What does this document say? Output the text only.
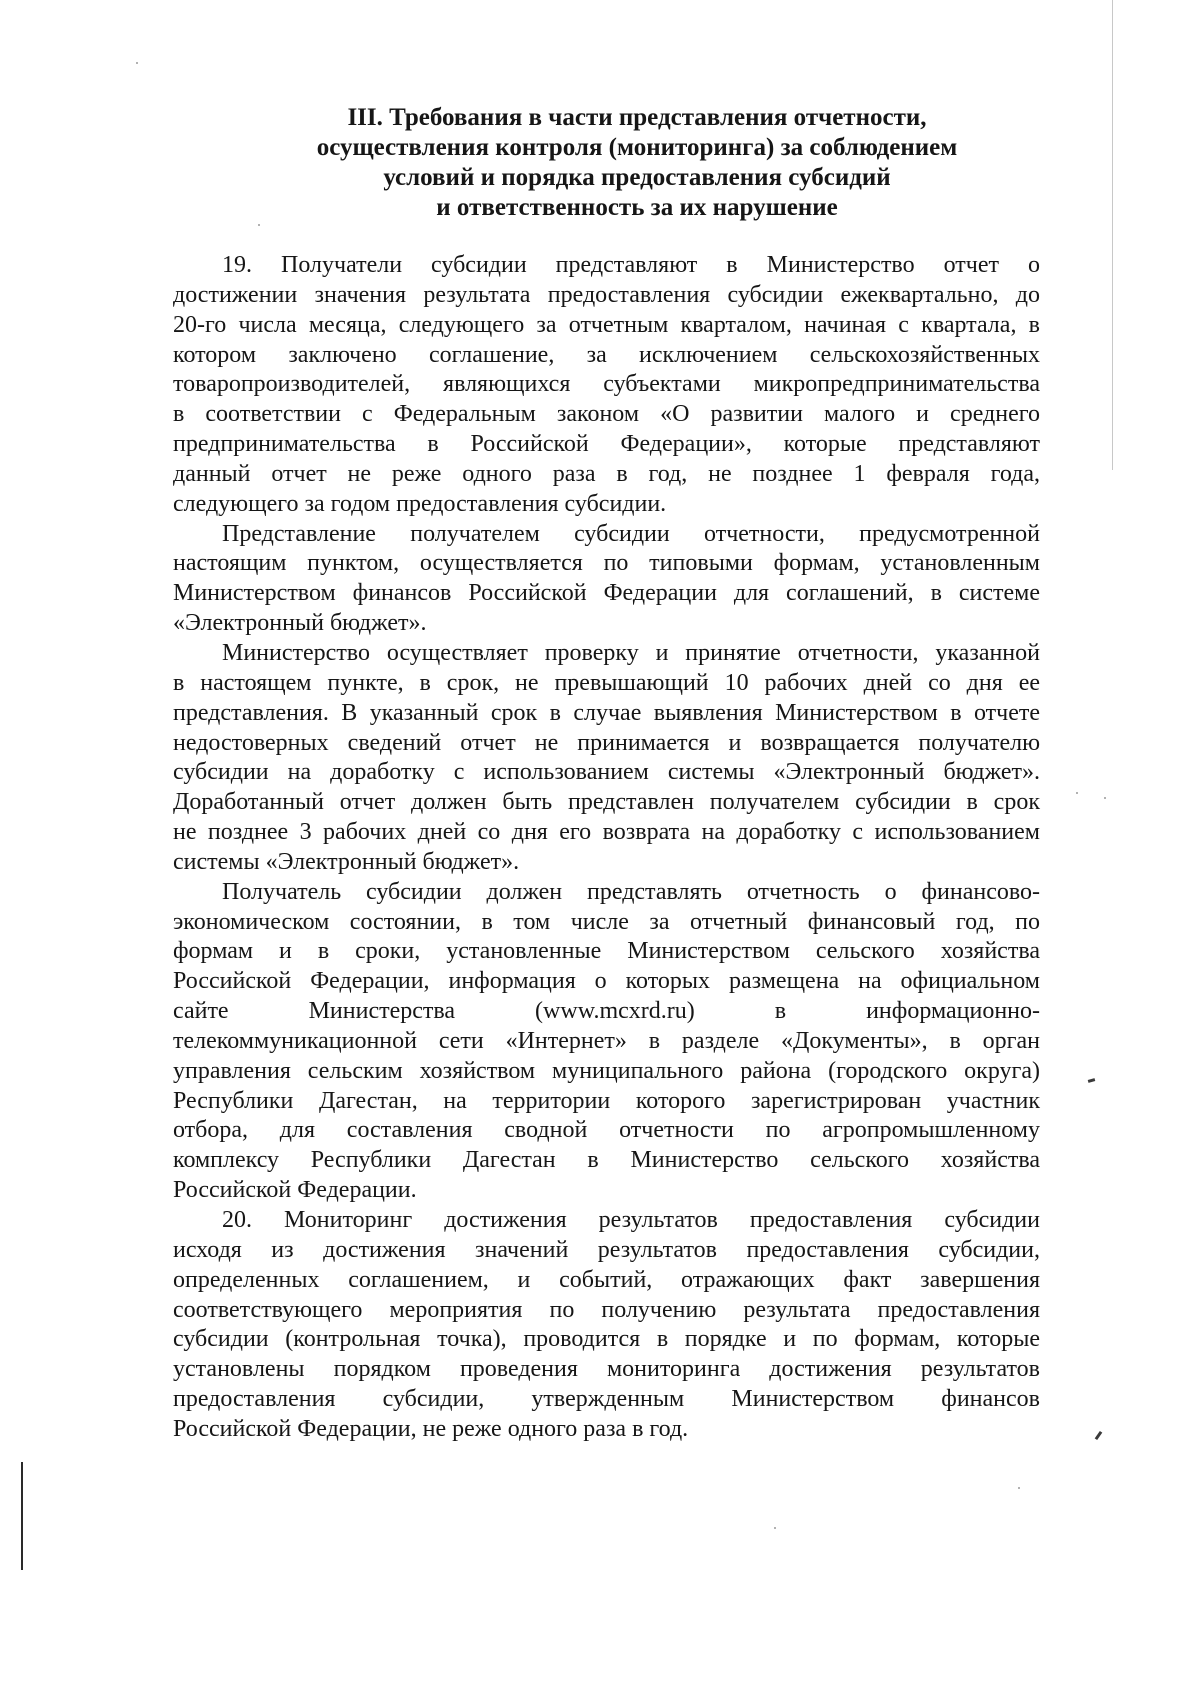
III. Требования в части представления отчетности,
осуществления контроля (мониторинга) за соблюдением
условий и порядка предоставления субсидий
и ответственность за их нарушение
19. Получатели субсидии представляют в Министерство отчет о
достижении значения результата предоставления субсидии ежеквартально, до
20-го числа месяца, следующего за отчетным кварталом, начиная с квартала, в
котором заключено соглашение, за исключением сельскохозяйственных
товаропроизводителей, являющихся субъектами микропредпринимательства
в соответствии с Федеральным законом «О развитии малого и среднего
предпринимательства в Российской Федерации», которые представляют
данный отчет не реже одного раза в год, не позднее 1 февраля года,
следующего за годом предоставления субсидии.
Представление получателем субсидии отчетности, предусмотренной
настоящим пунктом, осуществляется по типовыми формам, установленным
Министерством финансов Российской Федерации для соглашений, в системе
«Электронный бюджет».
Министерство осуществляет проверку и принятие отчетности, указанной
в настоящем пункте, в срок, не превышающий 10 рабочих дней со дня ее
представления. В указанный срок в случае выявления Министерством в отчете
недостоверных сведений отчет не принимается и возвращается получателю
субсидии на доработку с использованием системы «Электронный бюджет».
Доработанный отчет должен быть представлен получателем субсидии в срок
не позднее 3 рабочих дней со дня его возврата на доработку с использованием
системы «Электронный бюджет».
Получатель субсидии должен представлять отчетность о финансово-
экономическом состоянии, в том числе за отчетный финансовый год, по
формам и в сроки, установленные Министерством сельского хозяйства
Российской Федерации, информация о которых размещена на официальном
сайте Министерства (www.mcxrd.ru) в информационно-
телекоммуникационной сети «Интернет» в разделе «Документы», в орган
управления сельским хозяйством муниципального района (городского округа)
Республики Дагестан, на территории которого зарегистрирован участник
отбора, для составления сводной отчетности по агропромышленному
комплексу Республики Дагестан в Министерство сельского хозяйства
Российской Федерации.
20. Мониторинг достижения результатов предоставления субсидии
исходя из достижения значений результатов предоставления субсидии,
определенных соглашением, и событий, отражающих факт завершения
соответствующего мероприятия по получению результата предоставления
субсидии (контрольная точка), проводится в порядке и по формам, которые
установлены порядком проведения мониторинга достижения результатов
предоставления субсидии, утвержденным Министерством финансов
Российской Федерации, не реже одного раза в год.
